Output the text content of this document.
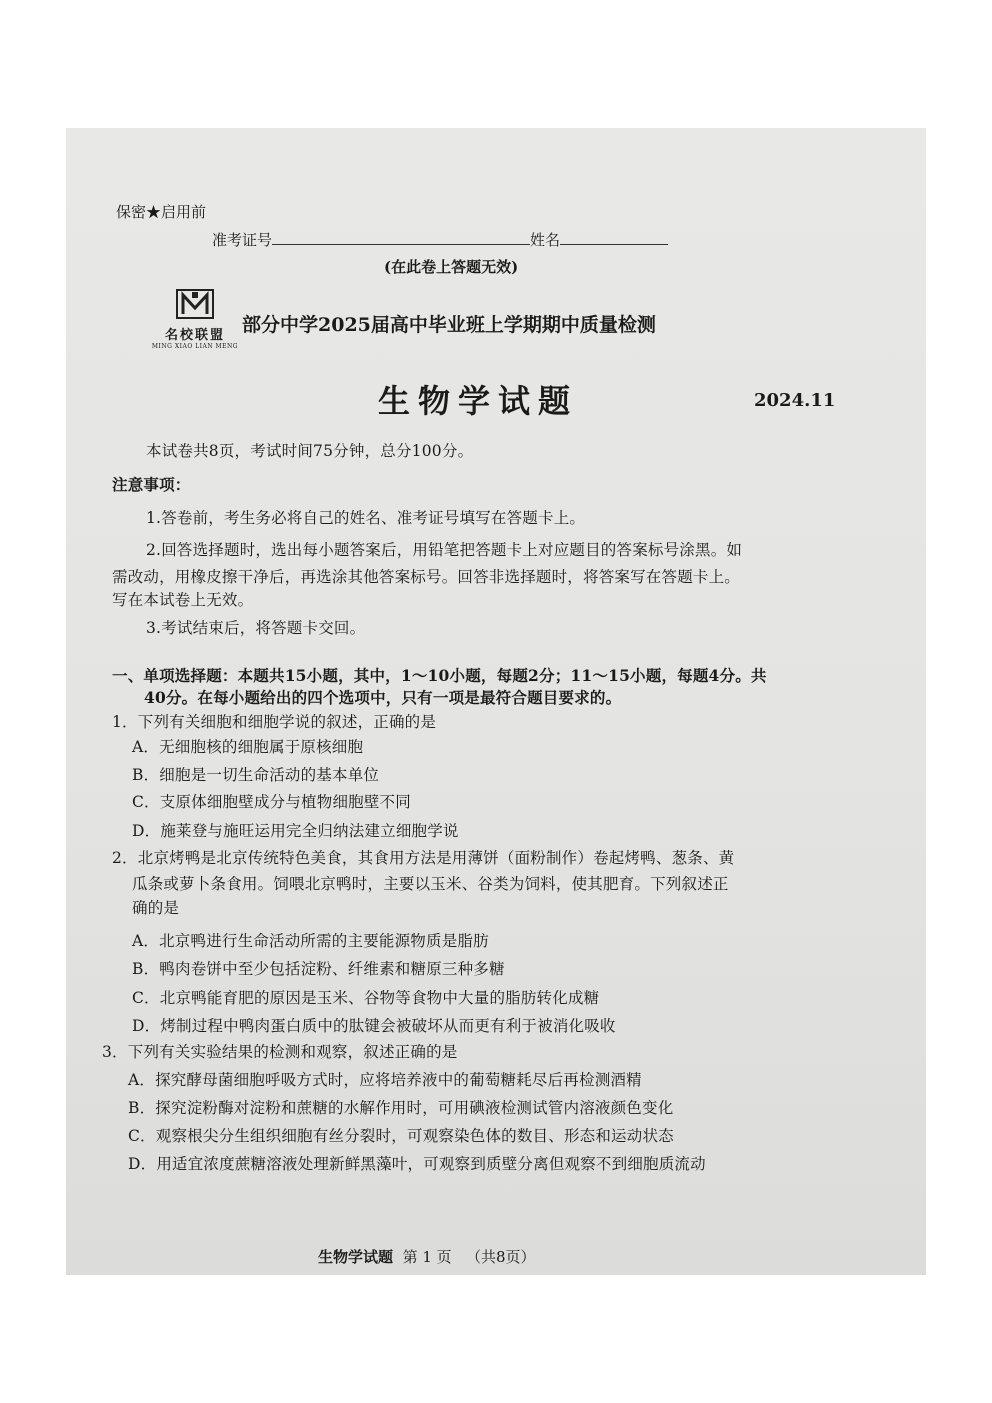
保密★启用前
准考证号	姓名
(在此卷上答题无效)
名校联盟
MING XIAO LIAN MENG
部分中学2025届高中毕业班上学期期中质量检测
生物学试题	2024.11
本试卷共8页，考试时间75分钟，总分100分。
注意事项：
1.答卷前，考生务必将自己的姓名、准考证号填写在答题卡上。
2.回答选择题时，选出每小题答案后，用铅笔把答题卡上对应题目的答案标号涂黑。如
需改动，用橡皮擦干净后，再选涂其他答案标号。回答非选择题时，将答案写在答题卡上。
写在本试卷上无效。
3.考试结束后，将答题卡交回。
一、单项选择题：本题共15小题，其中，1～10小题，每题2分；11～15小题，每题4分。共
40分。在每小题给出的四个选项中，只有一项是最符合题目要求的。
1．下列有关细胞和细胞学说的叙述，正确的是
A．无细胞核的细胞属于原核细胞
B．细胞是一切生命活动的基本单位
C．支原体细胞壁成分与植物细胞壁不同
D．施莱登与施旺运用完全归纳法建立细胞学说
2．北京烤鸭是北京传统特色美食，其食用方法是用薄饼（面粉制作）卷起烤鸭、葱条、黄
瓜条或萝卜条食用。饲喂北京鸭时，主要以玉米、谷类为饲料，使其肥育。下列叙述正
确的是
A．北京鸭进行生命活动所需的主要能源物质是脂肪
B．鸭肉卷饼中至少包括淀粉、纤维素和糖原三种多糖
C．北京鸭能育肥的原因是玉米、谷物等食物中大量的脂肪转化成糖
D．烤制过程中鸭肉蛋白质中的肽键会被破坏从而更有利于被消化吸收
3．下列有关实验结果的检测和观察，叙述正确的是
A．探究酵母菌细胞呼吸方式时，应将培养液中的葡萄糖耗尽后再检测酒精
B．探究淀粉酶对淀粉和蔗糖的水解作用时，可用碘液检测试管内溶液颜色变化
C．观察根尖分生组织细胞有丝分裂时，可观察染色体的数目、形态和运动状态
D．用适宜浓度蔗糖溶液处理新鲜黑藻叶，可观察到质壁分离但观察不到细胞质流动
生物学试题 第 1 页 （共8页）
